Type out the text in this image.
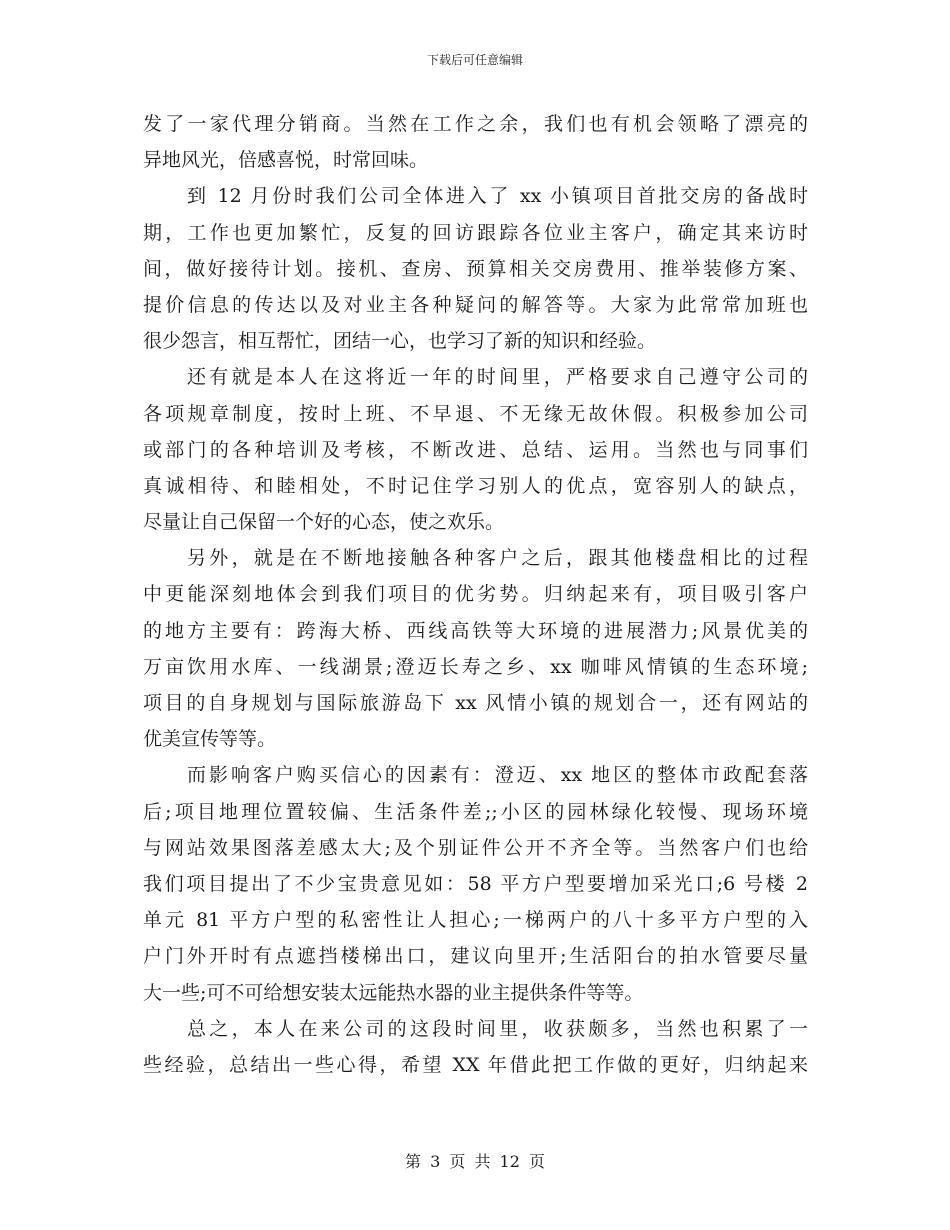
下载后可任意编辑
发了一家代理分销商。当然在工作之余，我们也有机会领略了漂亮的
异地风光，倍感喜悦，时常回味。
到 12 月份时我们公司全体进入了 xx 小镇项目首批交房的备战时
期，工作也更加繁忙，反复的回访跟踪各位业主客户，确定其来访时
间，做好接待计划。接机、查房、预算相关交房费用、推举装修方案、
提价信息的传达以及对业主各种疑问的解答等。大家为此常常加班也
很少怨言，相互帮忙，团结一心，也学习了新的知识和经验。
还有就是本人在这将近一年的时间里，严格要求自己遵守公司的
各项规章制度，按时上班、不早退、不无缘无故休假。积极参加公司
或部门的各种培训及考核，不断改进、总结、运用。当然也与同事们
真诚相待、和睦相处，不时记住学习别人的优点，宽容别人的缺点，
尽量让自己保留一个好的心态，使之欢乐。
另外，就是在不断地接触各种客户之后，跟其他楼盘相比的过程
中更能深刻地体会到我们项目的优劣势。归纳起来有，项目吸引客户
的地方主要有：跨海大桥、西线高铁等大环境的进展潜力;风景优美的
万亩饮用水库、一线湖景;澄迈长寿之乡、xx 咖啡风情镇的生态环境;
项目的自身规划与国际旅游岛下 xx 风情小镇的规划合一，还有网站的
优美宣传等等。
而影响客户购买信心的因素有：澄迈、xx 地区的整体市政配套落
后;项目地理位置较偏、生活条件差;;小区的园林绿化较慢、现场环境
与网站效果图落差感太大;及个别证件公开不齐全等。当然客户们也给
我们项目提出了不少宝贵意见如：58 平方户型要增加采光口;6 号楼 2
单元 81 平方户型的私密性让人担心;一梯两户的八十多平方户型的入
户门外开时有点遮挡楼梯出口，建议向里开;生活阳台的拍水管要尽量
大一些;可不可给想安装太远能热水器的业主提供条件等等。
总之，本人在来公司的这段时间里，收获颇多，当然也积累了一
些经验，总结出一些心得，希望 XX 年借此把工作做的更好，归纳起来
第 3 页 共 12 页
